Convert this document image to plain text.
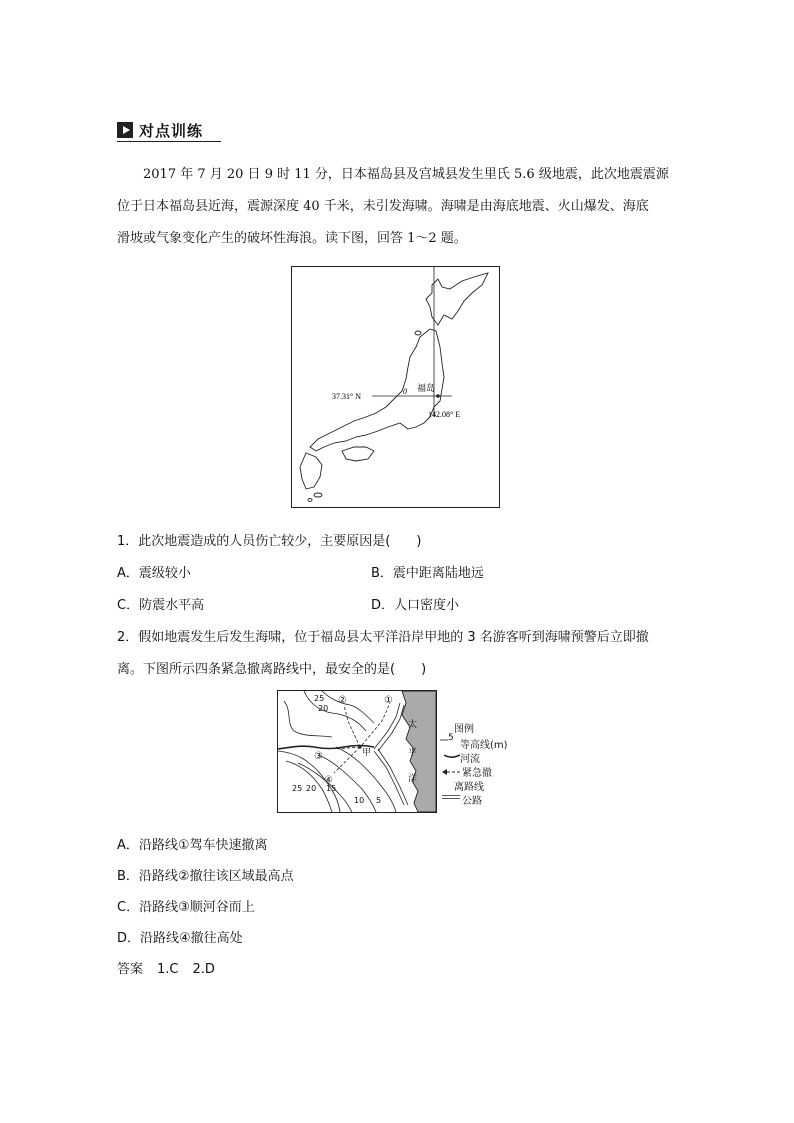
对点训练
2017 年 7 月 20 日 9 时 11 分，日本福岛县及宫城县发生里氏 5.6 级地震，此次地震震源
位于日本福岛县近海，震源深度 40 千米，未引发海啸。海啸是由海底地震、火山爆发、海底
滑坡或气象变化产生的破坏性海浪。读下图，回答 1～2 题。
37.31° N
142.08° E
福岛
0
1．此次地震造成的人员伤亡较少，主要原因是(　　)
A．震级较小	B．震中距离陆地远
C．防震水平高	D．人口密度小
2．假如地震发生后发生海啸，位于福岛县太平洋沿岸甲地的 3 名游客听到海啸预警后立即撤
离。下图所示四条紧急撤离路线中，最安全的是(　　)
太
平
洋
甲
①
②
③
④
25
20
15
10 5
25 20
图例
5
等高线(m)
河流
紧急撤
离路线
公路
A．沿路线①驾车快速撤离
B．沿路线②撤往该区域最高点
C．沿路线③顺河谷而上
D．沿路线④撤往高处
答案 1.C 2.D
